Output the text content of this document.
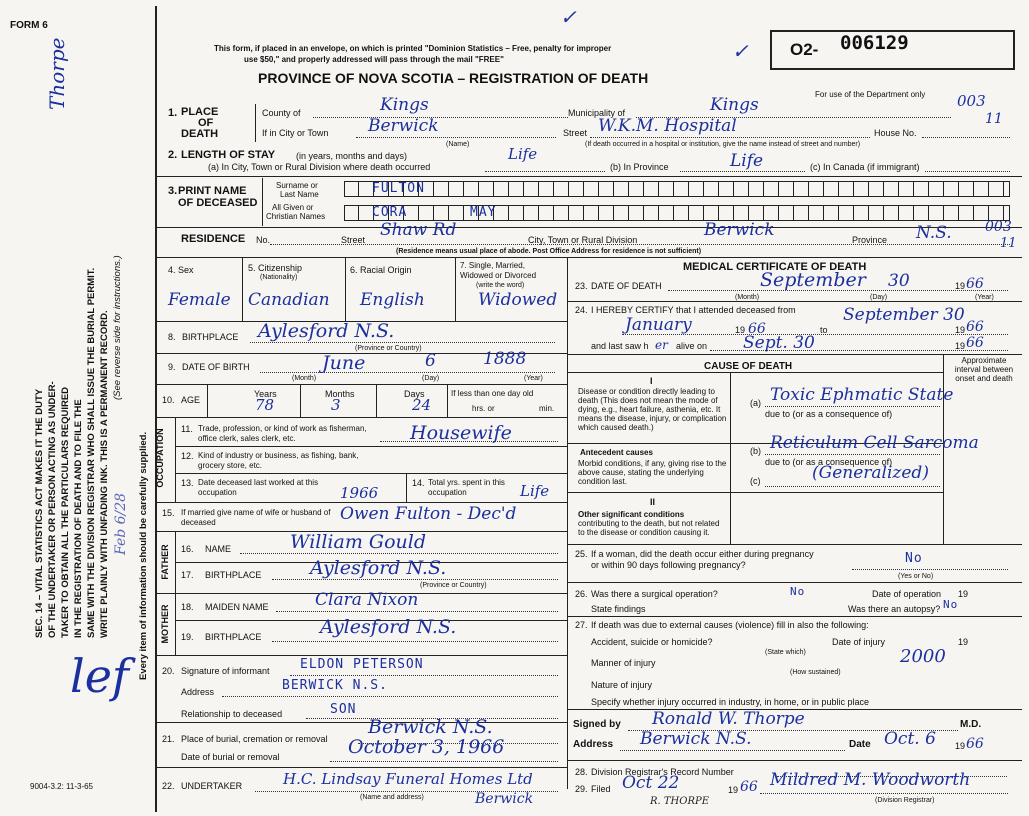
FORM 6
This form, if placed in an envelope, on which is printed "Dominion Statistics – Free, penalty for improper
use $50," and properly addressed will pass through the mail "FREE"
PROVINCE OF NOVA SCOTIA – REGISTRATION OF DEATH
✓
✓ O2- 006129
For use of the Department only 003
11
SEC. 14 – VITAL STATISTICS ACT MAKES IT THE DUTY OF THE UNDERTAKER OR PERSON ACTING AS UNDER- TAKER TO OBTAIN ALL THE PARTICULARS REQUIRED IN THE REGISTRATION OF DEATH AND TO FILE THE SAME WITH THE DIVISION REGISTRAR WHO SHALL ISSUE THE BURIAL PERMIT. WRITE PLAINLY WITH UNFADING INK. THIS IS A PERMANENT RECORD. (See reverse side for instructions.)
Every item of information should be carefully supplied.
Thorpe
Feb 6/28
lef
9004-3.2: 11-3-65
1. PLACE
OF
DEATH
County of	Kings	Municipality of	Kings
If in City or Town Berwick
(Name)
Street W.K.M. Hospital	House No.
(If death occurred in a hospital or institution, give the name instead of street and number)
2. LENGTH OF STAY (in years, months and days)
(a) In City, Town or Rural Division where death occurred
Life
(b) In Province	Life	(c) In Canada (if immigrant)
3. PRINT NAME
OF DECEASED
Surname or
Last Name
All Given or
Christian Names
FULTON
CORA	MAY
RESIDENCE No.	Street Shaw Rd	City, Town or Rural Division	Berwick	Province N.S. 003
11
(Residence means usual place of abode. Post Office Address for residence is not sufficient)
4. Sex	5. Citizenship
(Nationality)
6. Racial Origin	7. Single, Married, Widowed or Divorced
(write the word)
Female Canadian English	Widowed
8. BIRTHPLACE Aylesford N.S.
(Province or Country)
9. DATE OF BIRTH	June	6	1888
(Month)	(Day)	(Year)
10. AGE
Years	Months	Days
78	3	24
If less than one day old
hrs. or	min.
OCCUPATION 11. Trade, profession, or kind of work as fisherman, office clerk, sales clerk, etc.	Housewife
12. Kind of industry or business, as fishing, bank, grocery store, etc.
13. Date deceased last worked at this occupation	1966
14. Total yrs. spent in this occupation	Life
15. If married give name of wife or husband of deceased	Owen Fulton - Dec'd
FATHER 16. NAME	William Gould
17. BIRTHPLACE	Aylesford N.S.
(Province or Country)
MOTHER 18. MAIDEN NAME	Clara Nixon
19. BIRTHPLACE	Aylesford N.S.
20. Signature of informant ELDON PETERSON
Address	BERWICK N.S.
Relationship to deceased	SON
21. Place of burial, cremation or removal
Berwick N.S.
Date of burial or removal	October 3, 1966
22. UNDERTAKER	H.C. Lindsay Funeral Homes Ltd
Berwick
(Name and address)	R. THORPE
MEDICAL CERTIFICATE OF DEATH
23. DATE OF DEATH	September 30	19 66
(Month)	(Day)	(Year)
24. I HEREBY CERTIFY that I attended deceased from
January	19 66	to
September 30
19 66
and last saw h er alive on Sept. 30	19 66
CAUSE OF DEATH
Approximate interval between onset and death
I
Disease or condition directly leading to death (This does not mean the mode of dying, e.g., heart failure, asthenia, etc. It means the disease, injury, or complication which caused death.)
(a) Toxic Ephmatic State
due to (or as a consequence of)
(b) Reticulum Cell Sarcoma
Antecedent causes
Morbid conditions, if any, giving rise to the above cause, stating the underlying condition last.
due to (or as a consequence of)
(c)	(Generalized)
II
Other significant conditions
contributing to the death, but not related to the disease or condition causing it.
25. If a woman, did the death occur either during pregnancy or within 90 days following pregnancy?	No
(Yes or No)
26. Was there a surgical operation?	No	Date of operation 19
State findings	Was there an autopsy? No
27. If death was due to external causes (violence) fill in also the following:
Accident, suicide or homicide?	Date of injury	19
(State which)
Manner of injury	2000
(How sustained)
Nature of injury
Specify whether injury occurred in industry, in home, or in public place
Signed by Ronald W. Thorpe	M.D.
Address Berwick N.S.	Date Oct. 6 19 66
28. Division Registrar's Record Number
29. Filed Oct 22	19 66 Mildred M. Woodworth
(Division Registrar)
